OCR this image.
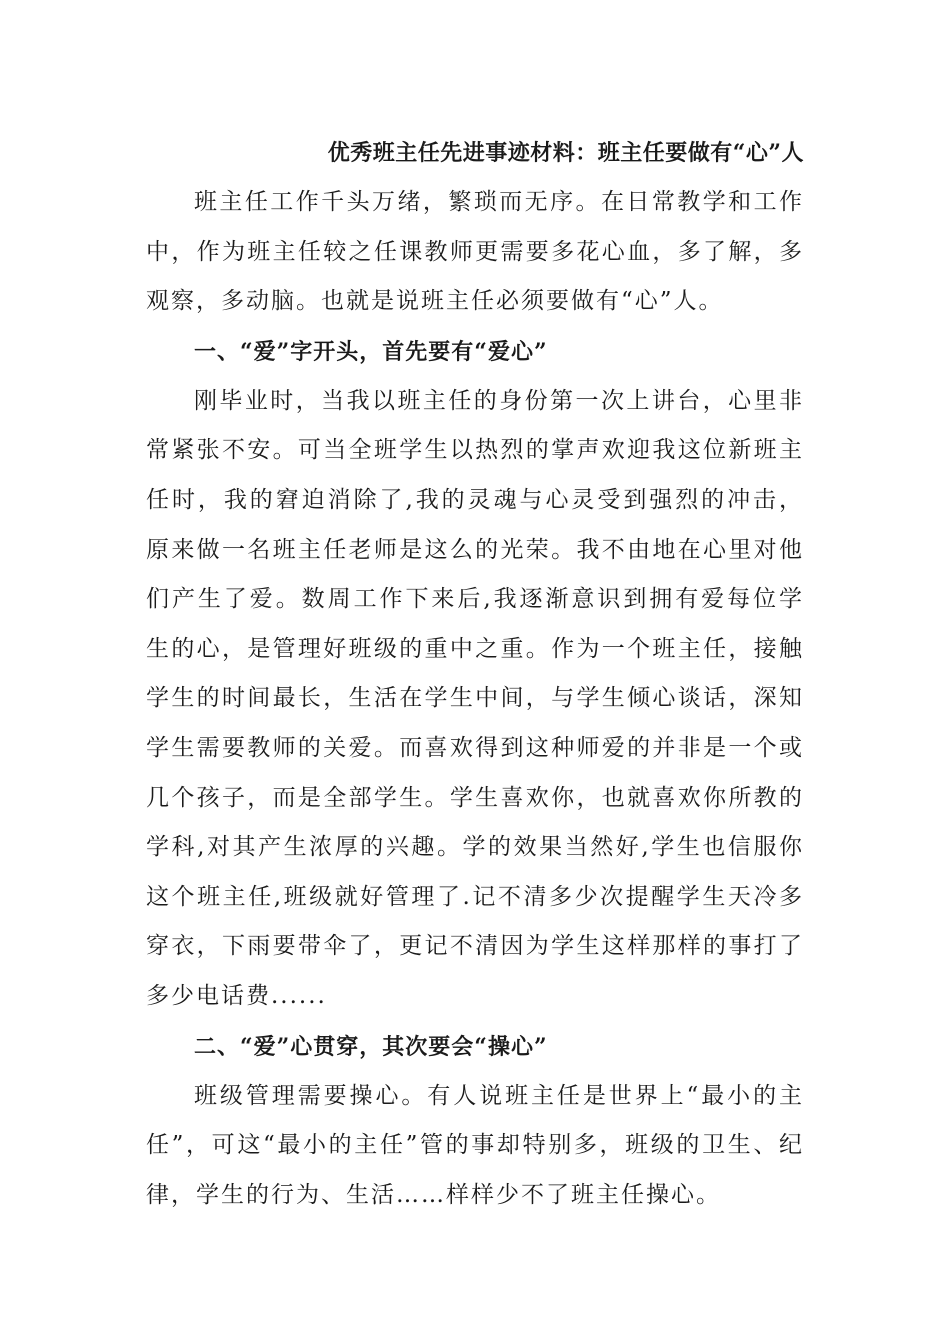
优秀班主任先进事迹材料：班主任要做有“心”人

班主任工作千头万绪，繁琐而无序。在日常教学和工作中，作为班主任较之任课教师更需要多花心血，多了解，多观察，多动脑。也就是说班主任必须要做有“心”人。

一、“爱”字开头，首先要有“爱心”

刚毕业时，当我以班主任的身份第一次上讲台，心里非常紧张不安。可当全班学生以热烈的掌声欢迎我这位新班主任时，我的窘迫消除了,我的灵魂与心灵受到强烈的冲击，原来做一名班主任老师是这么的光荣。我不由地在心里对他们产生了爱。数周工作下来后,我逐渐意识到拥有爱每位学生的心，是管理好班级的重中之重。作为一个班主任，接触学生的时间最长，生活在学生中间，与学生倾心谈话，深知学生需要教师的关爱。而喜欢得到这种师爱的并非是一个或几个孩子，而是全部学生。学生喜欢你，也就喜欢你所教的学科,对其产生浓厚的兴趣。学的效果当然好,学生也信服你这个班主任,班级就好管理了.记不清多少次提醒学生天冷多穿衣，下雨要带伞了，更记不清因为学生这样那样的事打了多少电话费......

二、“爱”心贯穿，其次要会“操心”

班级管理需要操心。有人说班主任是世界上“最小的主任”，可这“最小的主任”管的事却特别多，班级的卫生、纪律，学生的行为、生活……样样少不了班主任操心。
